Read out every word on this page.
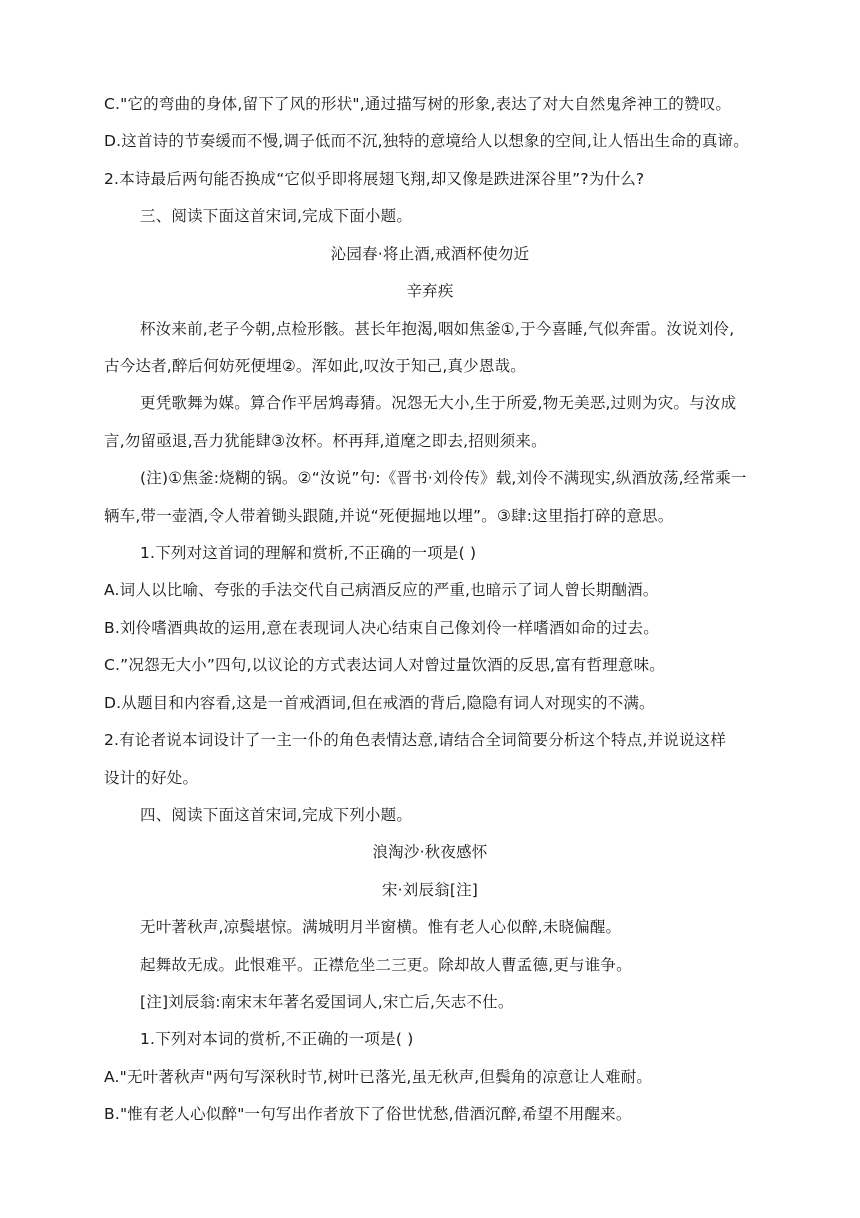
C."它的弯曲的身体,留下了风的形状",通过描写树的形象,表达了对大自然鬼斧神工的赞叹。
D.这首诗的节奏缓而不慢,调子低而不沉,独特的意境给人以想象的空间,让人悟出生命的真谛。
2.本诗最后两句能否换成“它似乎即将展翅飞翔,却又像是跌进深谷里”?为什么?
三、阅读下面这首宋词,完成下面小题。
沁园春·将止酒,戒酒杯使勿近
辛弃疾
杯汝来前,老子今朝,点检形骸。甚长年抱渴,咽如焦釜①,于今喜睡,气似奔雷。汝说刘伶,
古今达者,醉后何妨死便埋②。浑如此,叹汝于知己,真少恩哉。
更凭歌舞为媒。算合作平居鸩毒猜。况怨无大小,生于所爱,物无美恶,过则为灾。与汝成
言,勿留亟退,吾力犹能肆③汝杯。杯再拜,道麾之即去,招则须来。
(注)①焦釜:烧糊的锅。②“汝说”句:《晋书·刘伶传》载,刘伶不满现实,纵酒放荡,经常乘一
辆车,带一壶酒,令人带着锄头跟随,并说“死便掘地以埋”。③肆:这里指打碎的意思。
1.下列对这首词的理解和赏析,不正确的一项是( )
A.词人以比喻、夸张的手法交代自己病酒反应的严重,也暗示了词人曾长期酗酒。
B.刘伶嗜酒典故的运用,意在表现词人决心结束自己像刘伶一样嗜酒如命的过去。
C.”况怨无大小”四句,以议论的方式表达词人对曾过量饮酒的反思,富有哲理意味。
D.从题目和内容看,这是一首戒酒词,但在戒酒的背后,隐隐有词人对现实的不满。
2.有论者说本词设计了一主一仆的角色表情达意,请结合全词简要分析这个特点,并说说这样
设计的好处。
四、阅读下面这首宋词,完成下列小题。
浪淘沙·秋夜感怀
宋·刘辰翁[注]
无叶著秋声,凉鬓堪惊。满城明月半窗横。惟有老人心似醉,未晓偏醒。
起舞故无成。此恨难平。正襟危坐二三更。除却故人曹孟德,更与谁争。
[注]刘辰翁:南宋末年著名爱国词人,宋亡后,矢志不仕。
1.下列对本词的赏析,不正确的一项是( )
A."无叶著秋声"两句写深秋时节,树叶已落光,虽无秋声,但鬓角的凉意让人难耐。
B."惟有老人心似醉"一句写出作者放下了俗世忧愁,借酒沉醉,希望不用醒来。
